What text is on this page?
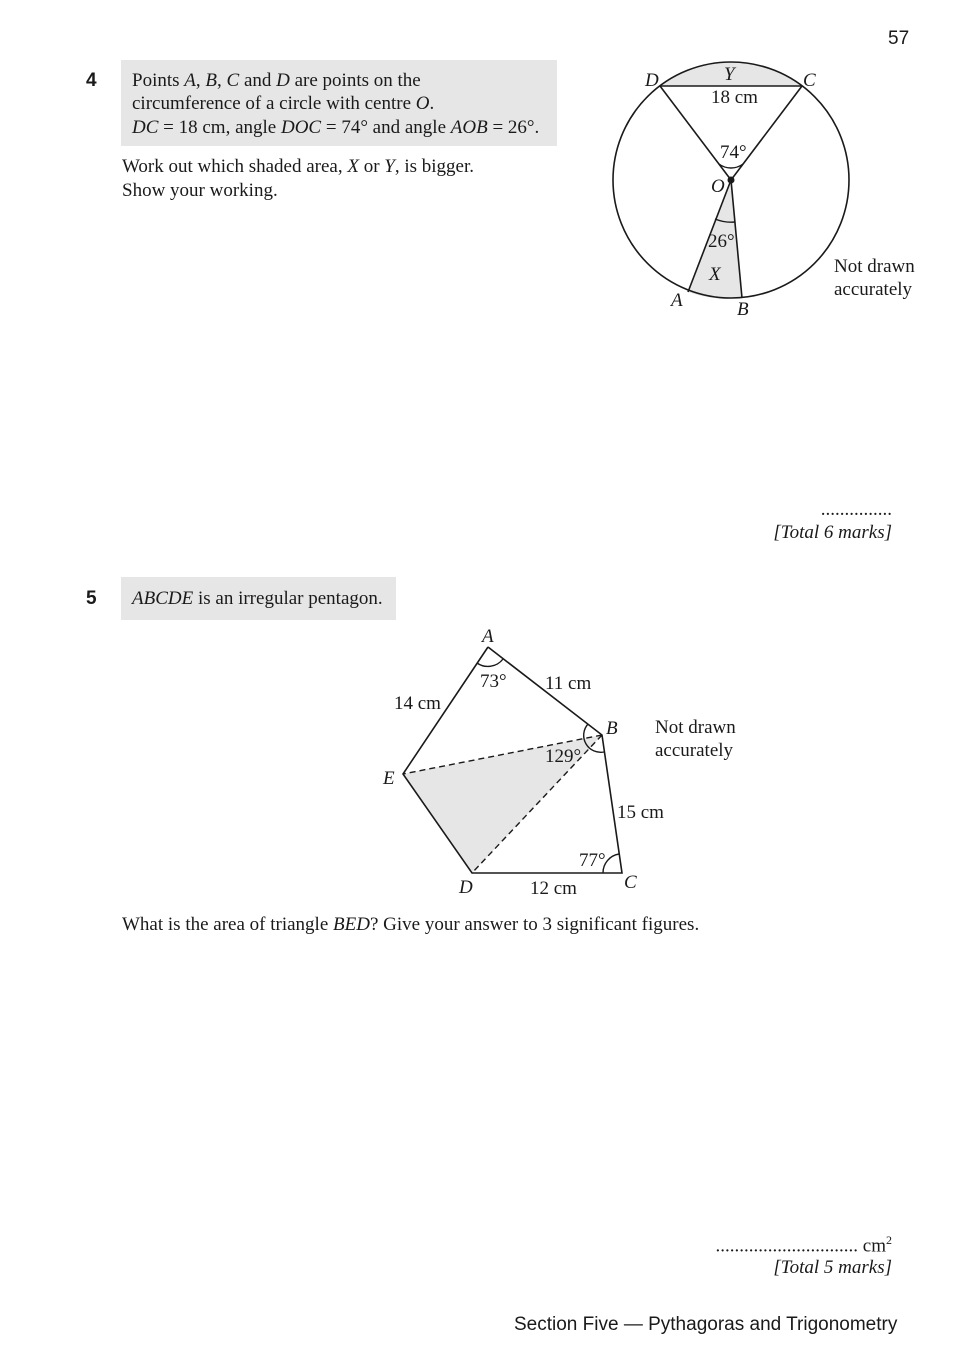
57
4 Points A, B, C and D are points on the
circumference of a circle with centre O.
DC = 18 cm, angle DOC = 74° and angle AOB = 26°.
Work out which shaded area, X or Y, is bigger.
Show your working.
D	C
Y
18 cm
74°
O
26°
X
A	B
Not drawn
accurately
...............
[Total 6 marks]
5 ABCDE is an irregular pentagon.
A
B
C
D
E
14 cm
11 cm
15 cm
12 cm
73°
129°
77°
Not drawn
accurately
What is the area of triangle BED? Give your answer to 3 significant figures.
.............................. $cm^2$
[Total 5 marks]
Section Five — Pythagoras and Trigonometry
